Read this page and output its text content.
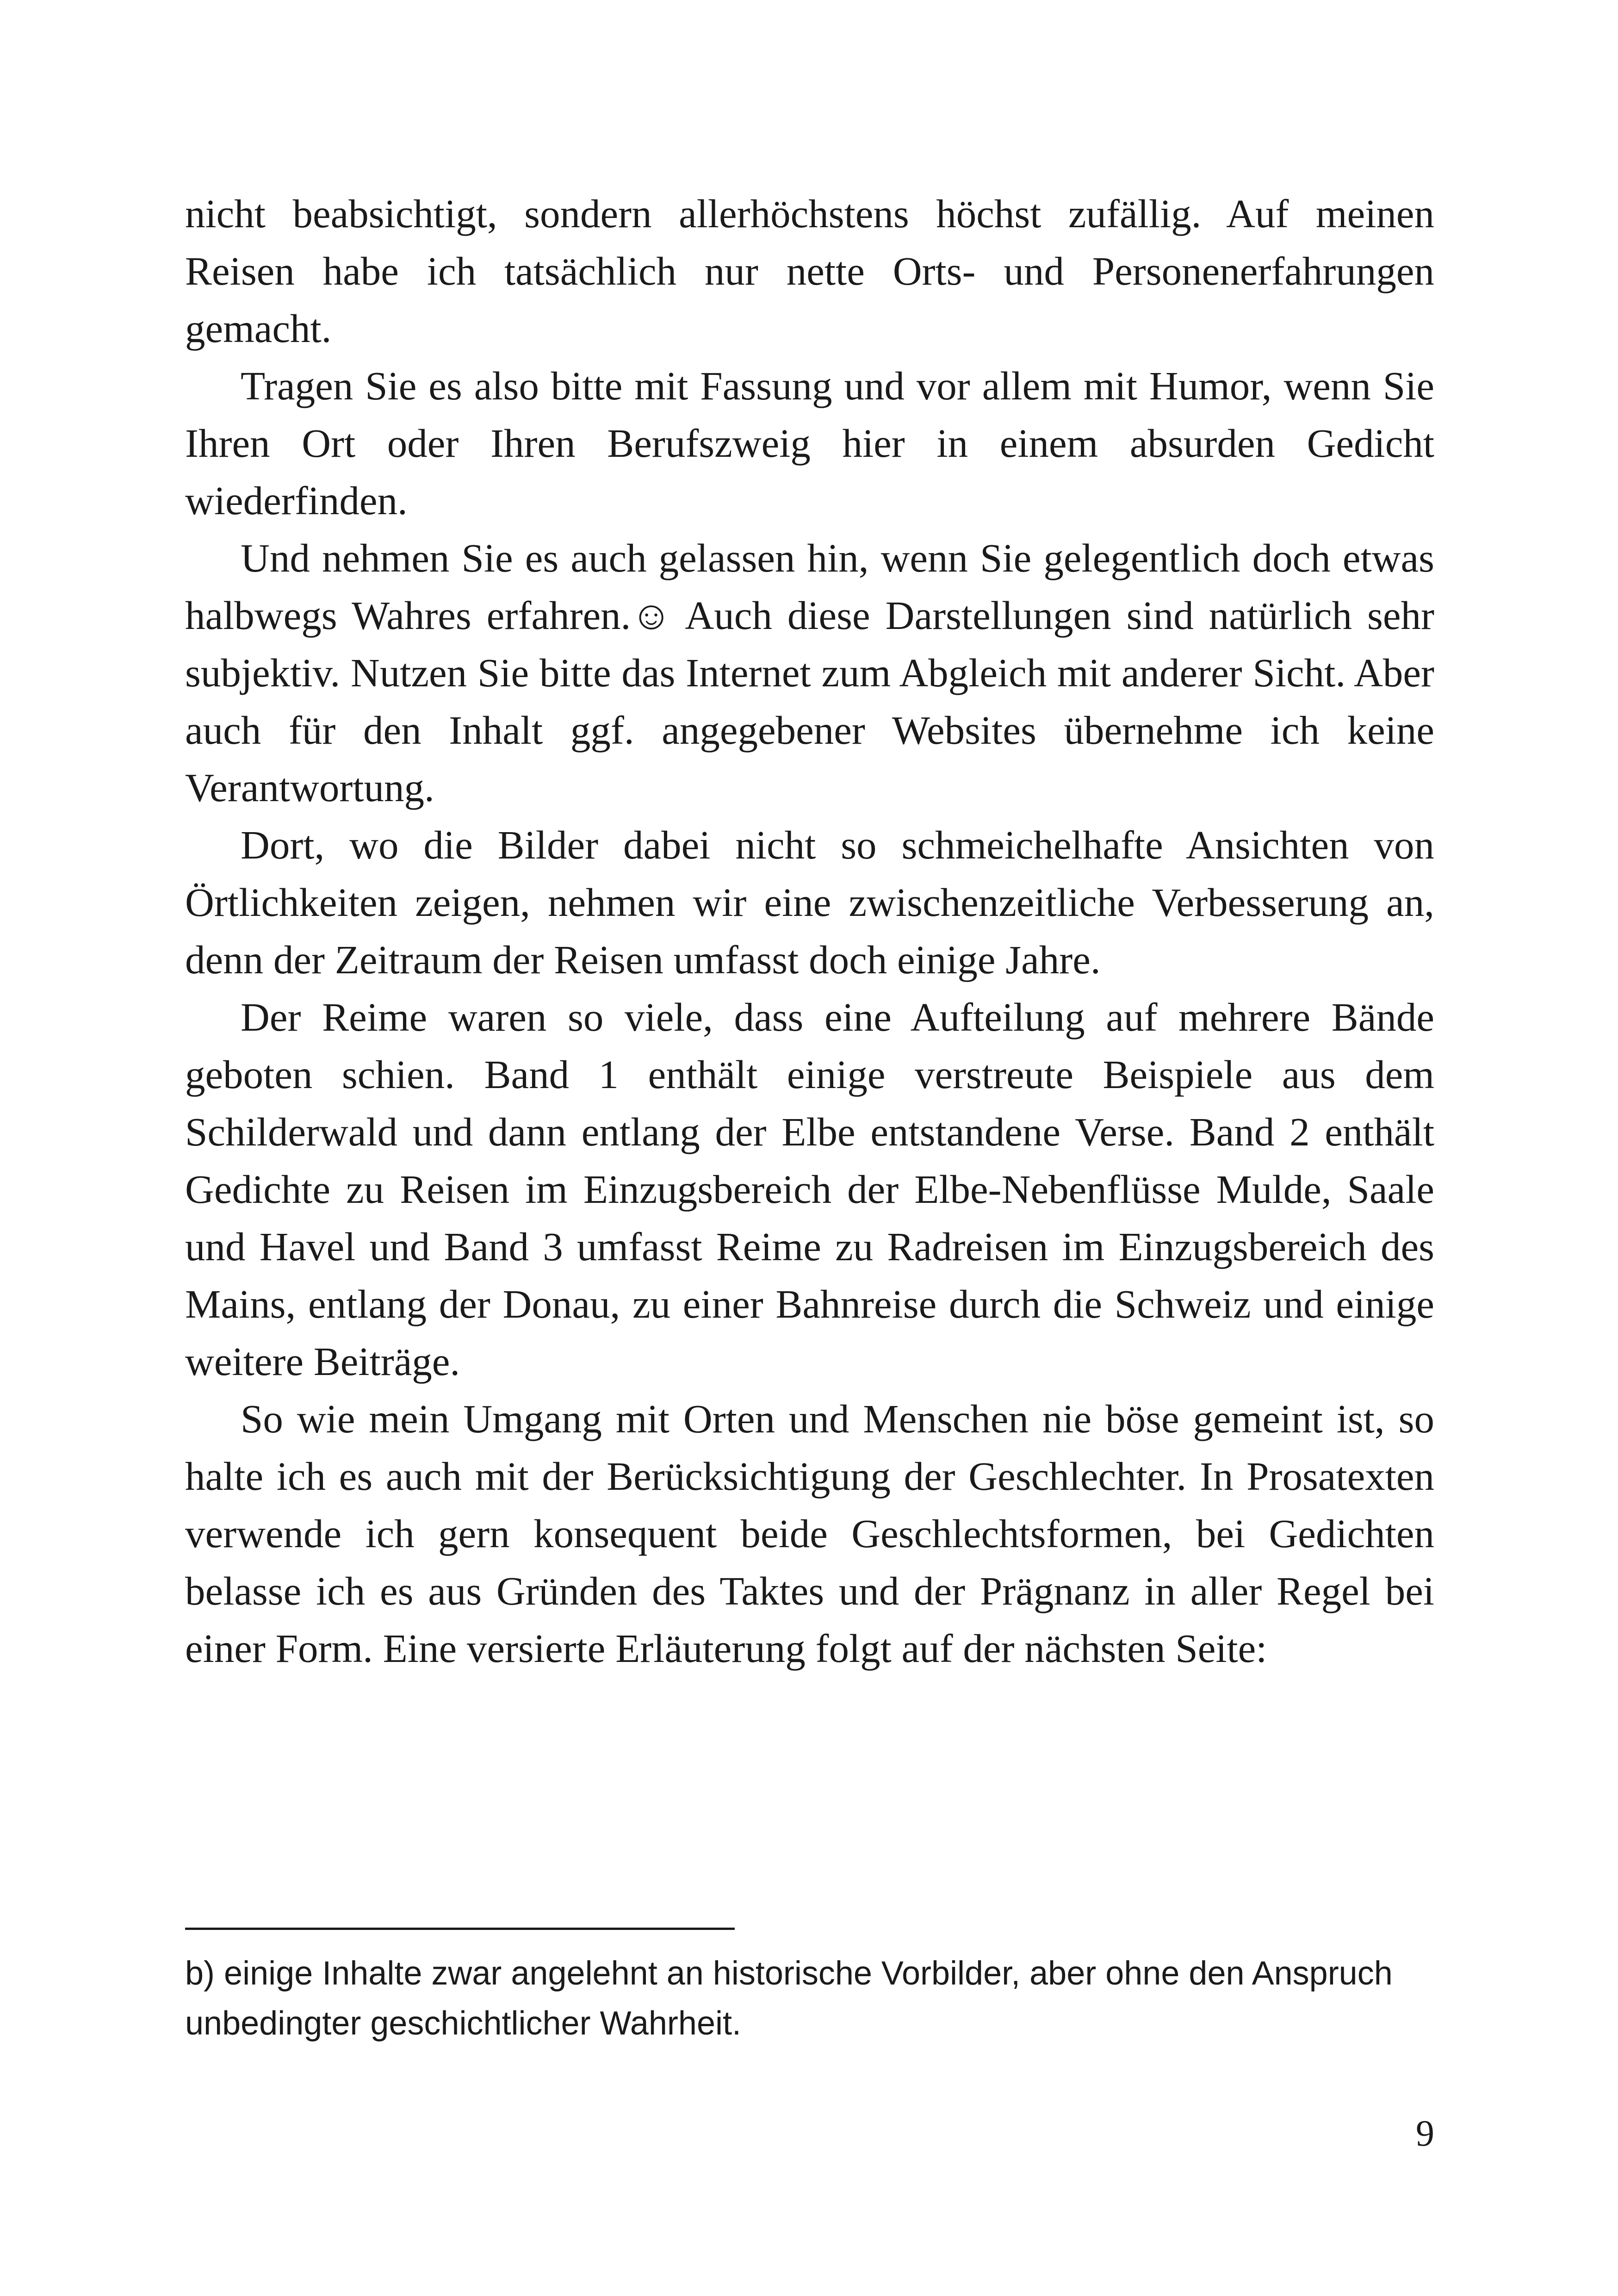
nicht beabsichtigt, sondern allerhöchstens höchst zufällig. Auf meinen Reisen habe ich tatsächlich nur nette Orts- und Personenerfahrungen gemacht.

Tragen Sie es also bitte mit Fassung und vor allem mit Humor, wenn Sie Ihren Ort oder Ihren Berufszweig hier in einem absurden Gedicht wiederfinden.

Und nehmen Sie es auch gelassen hin, wenn Sie gelegentlich doch etwas halbwegs Wahres erfahren.☺ Auch diese Darstellungen sind natürlich sehr subjektiv. Nutzen Sie bitte das Internet zum Abgleich mit anderer Sicht. Aber auch für den Inhalt ggf. angegebener Websites übernehme ich keine Verantwortung.

Dort, wo die Bilder dabei nicht so schmeichelhafte Ansichten von Örtlichkeiten zeigen, nehmen wir eine zwischenzeitliche Verbesserung an, denn der Zeitraum der Reisen umfasst doch einige Jahre.

Der Reime waren so viele, dass eine Aufteilung auf mehrere Bände geboten schien. Band 1 enthält einige verstreute Beispiele aus dem Schilderwald und dann entlang der Elbe entstandene Verse. Band 2 enthält Gedichte zu Reisen im Einzugsbereich der Elbe-Nebenflüsse Mulde, Saale und Havel und Band 3 umfasst Reime zu Radreisen im Einzugsbereich des Mains, entlang der Donau, zu einer Bahnreise durch die Schweiz und einige weitere Beiträge.

So wie mein Umgang mit Orten und Menschen nie böse gemeint ist, so halte ich es auch mit der Berücksichtigung der Geschlechter. In Prosatexten verwende ich gern konsequent beide Geschlechtsformen, bei Gedichten belasse ich es aus Gründen des Taktes und der Prägnanz in aller Regel bei einer Form. Eine versierte Erläuterung folgt auf der nächsten Seite:

b) einige Inhalte zwar angelehnt an historische Vorbilder, aber ohne den Anspruch unbedingter geschichtlicher Wahrheit.

9
